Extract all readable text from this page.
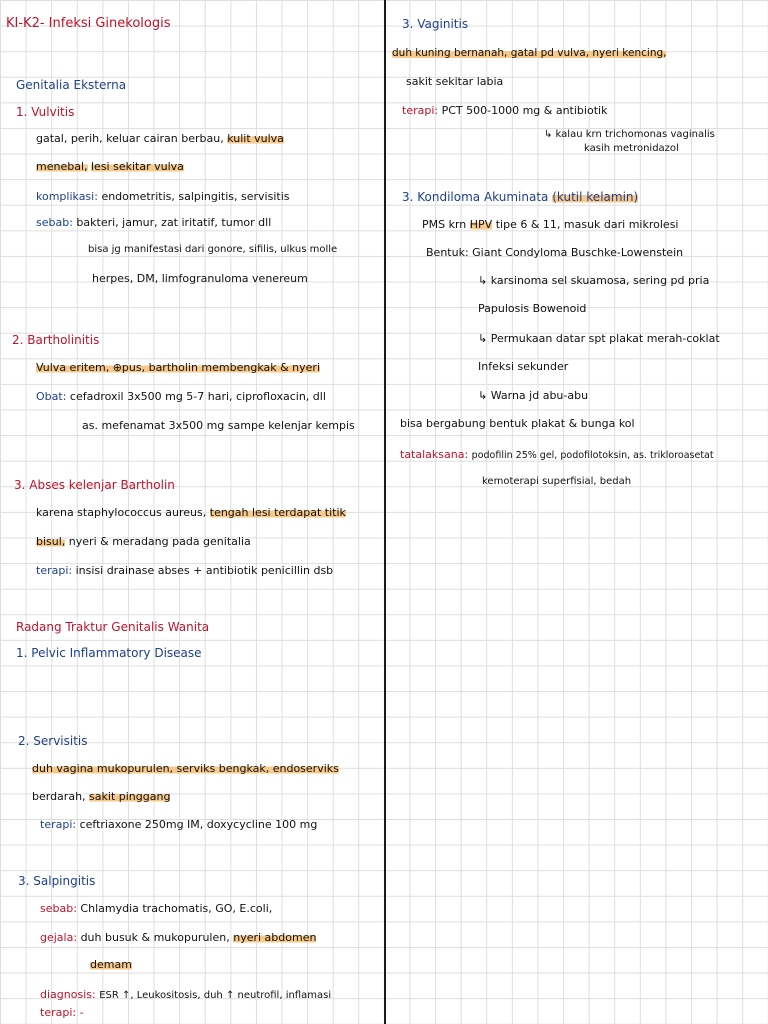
KI-K2- Infeksi Ginekologis
Genitalia Eksterna
1. Vulvitis
gatal, perih, keluar cairan berbau, kulit vulva
menebal, lesi sekitar vulva
komplikasi: endometritis, salpingitis, servisitis
sebab: bakteri, jamur, zat iritatif, tumor dll
bisa jg manifestasi dari gonore, sifilis, ulkus molle
herpes, DM, limfogranuloma venereum
2. Bartholinitis
Vulva eritem, ⊕pus, bartholin membengkak & nyeri
Obat: cefadroxil 3x500 mg 5-7 hari, ciprofloxacin, dll
as. mefenamat 3x500 mg sampe kelenjar kempis
3. Abses kelenjar Bartholin
karena staphylococcus aureus, tengah lesi terdapat titik
bisul, nyeri & meradang pada genitalia
terapi: insisi drainase abses + antibiotik penicillin dsb
Radang Traktur Genitalis Wanita
1. Pelvic Inflammatory Disease
2. Servisitis
duh vagina mukopurulen, serviks bengkak, endoserviks
berdarah, sakit pinggang
terapi: ceftriaxone 250mg IM, doxycycline 100 mg
3. Salpingitis
sebab: Chlamydia trachomatis, GO, E.coli,
gejala: duh busuk & mukopurulen, nyeri abdomen
demam
diagnosis: ESR ↑, Leukositosis, duh ↑ neutrofil, inflamasi
terapi: -
3. Vaginitis
duh kuning bernanah, gatal pd vulva, nyeri kencing,
sakit sekitar labia
terapi: PCT 500-1000 mg & antibiotik
↳ kalau krn trichomonas vaginalis
kasih metronidazol
3. Kondiloma Akuminata (kutil kelamin)
PMS krn HPV tipe 6 & 11, masuk dari mikrolesi
Bentuk: Giant Condyloma Buschke-Lowenstein
↳ karsinoma sel skuamosa, sering pd pria
Papulosis Bowenoid
↳ Permukaan datar spt plakat merah-coklat
Infeksi sekunder
↳ Warna jd abu-abu
bisa bergabung bentuk plakat & bunga kol
tatalaksana: podofilin 25% gel, podofilotoksin, as. trikloroasetat
kemoterapi superfisial, bedah
